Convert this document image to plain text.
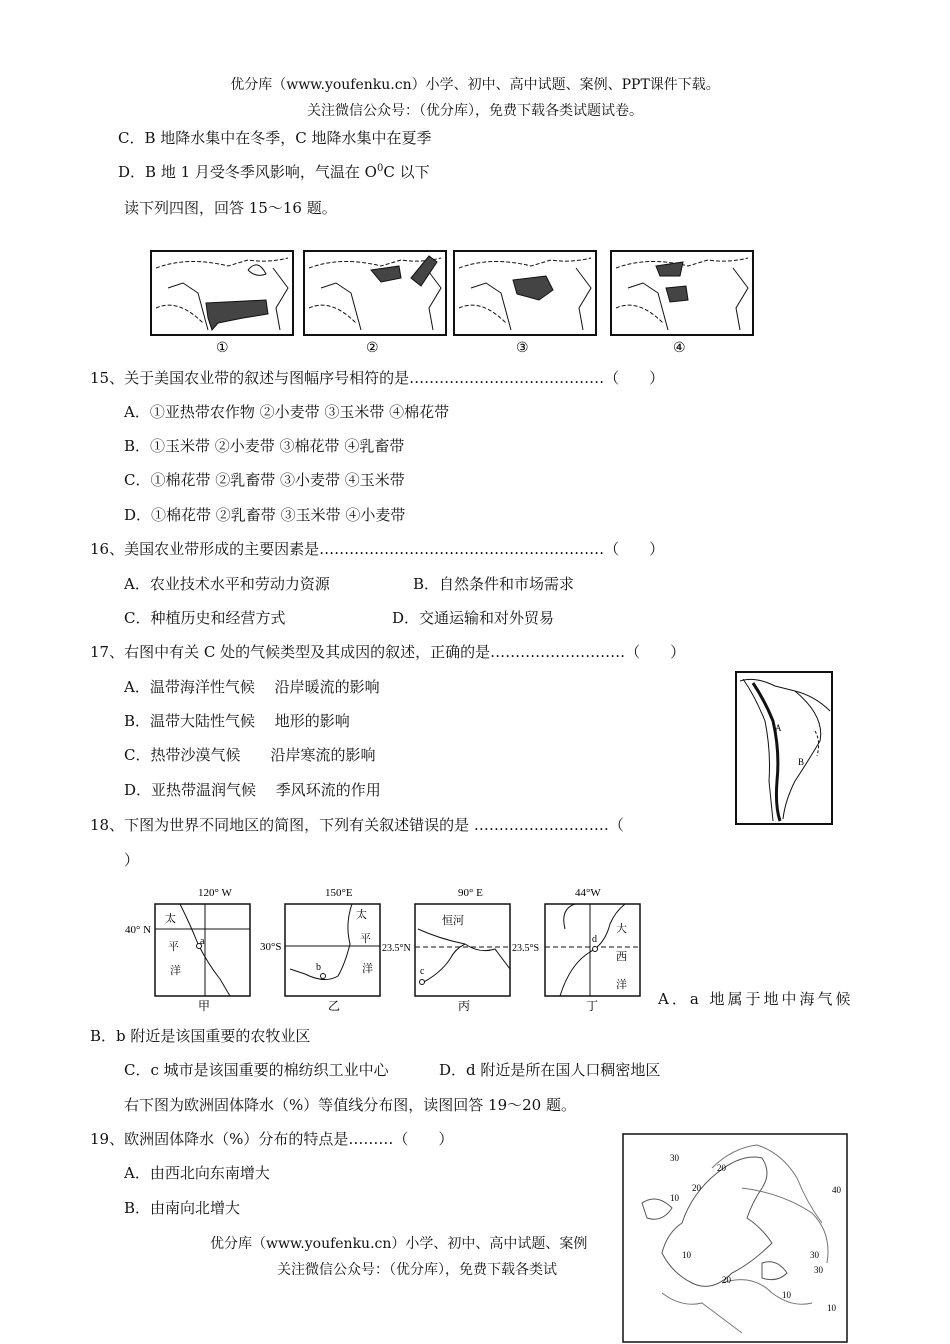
优分库（www.youfenku.cn）小学、初中、高中试题、案例、PPT课件下载。
关注微信公众号：（优分库），免费下载各类试题试卷。
C．B 地降水集中在冬季，C 地降水集中在夏季
D．B 地 1 月受冬季风影响，气温在 $O^0C$ 以下
读下列四图，回答 15～16 题。
①	②	③	④
15、关于美国农业带的叙述与图幅序号相符的是…………………………………（　　）
A．①亚热带农作物 ②小麦带 ③玉米带 ④棉花带
B．①玉米带 ②小麦带 ③棉花带 ④乳畜带
C．①棉花带 ②乳畜带 ③小麦带 ④玉米带
D．①棉花带 ②乳畜带 ③玉米带 ④小麦带
16、美国农业带形成的主要因素是…………………………………………………（　　）
A．农业技术水平和劳动力资源	B．自然条件和市场需求
C．种植历史和经营方式	D．交通运输和对外贸易
17、右图中有关 C 处的气候类型及其成因的叙述，正确的是………………………（　　）
A．温带海洋性气候　 沿岸暖流的影响
B．温带大陆性气候　 地形的影响
C．热带沙漠气候　　沿岸寒流的影响
D．亚热带温润气候　 季风环流的作用
A
B
18、下图为世界不同地区的简图，下列有关叙述错误的是 ………………………（
）
120° W
40° N
太
平
洋
a
甲
150°E
30°S
太
平
洋
b
乙
90° E
23.5°N
恒河
c
丙
44°W
23.5°S
大
西
洋
d
丁	A．a 地属于地中海气候
B．b 附近是该国重要的农牧业区
C．c 城市是该国重要的棉纺织工业中心	D．d 附近是所在国人口稠密地区
右下图为欧洲固体降水（%）等值线分布图，读图回答 19～20 题。
19、欧洲固体降水（%）分布的特点是………（　　）
A．由西北向东南增大
B．由南向北增大
30
40
10
20
20
30
10
20
10
30
10
优分库（www.youfenku.cn）小学、初中、高中试题、案例
关注微信公众号：（优分库），免费下载各类试
